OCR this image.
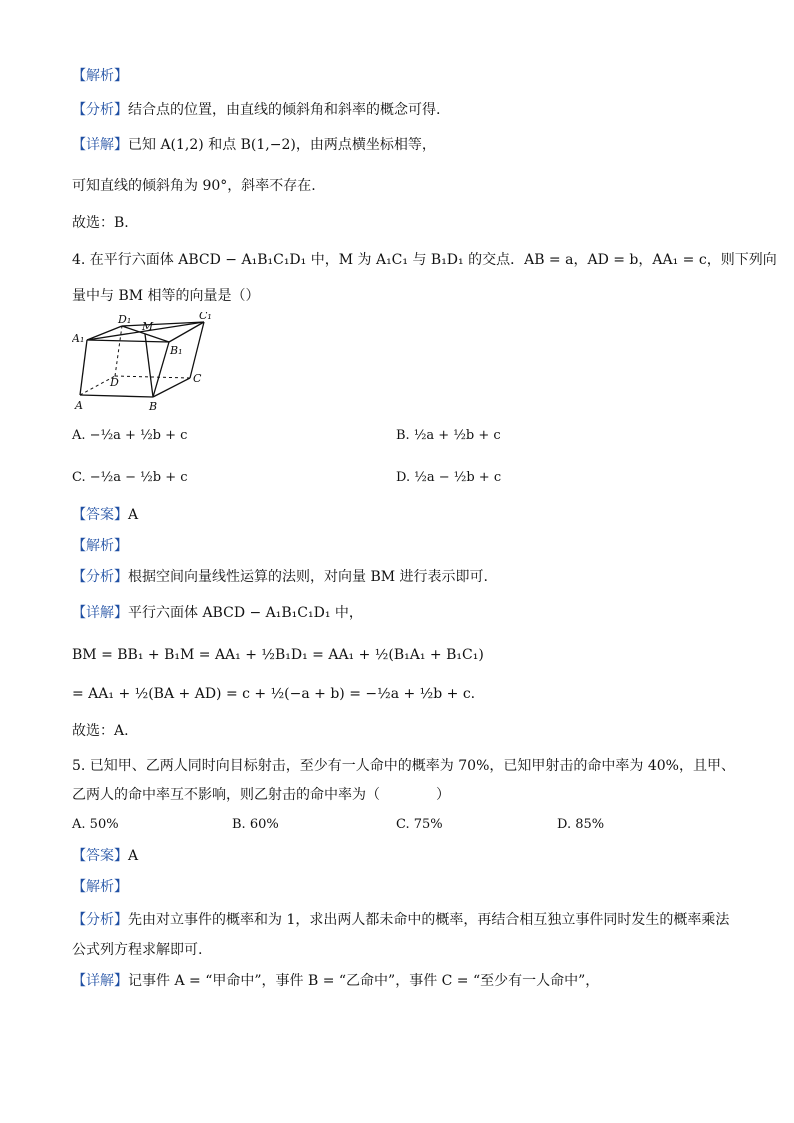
【解析】
【分析】结合点的位置，由直线的倾斜角和斜率的概念可得.
【详解】已知 A(1,2) 和点 B(1,−2)，由两点横坐标相等，
可知直线的倾斜角为 90°，斜率不存在.
故选：B.
4. 在平行六面体 ABCD − A₁B₁C₁D₁ 中，M 为 A₁C₁ 与 B₁D₁ 的交点．AB = a，AD = b，AA₁ = c，则下列向
量中与 BM 相等的向量是（）
D₁	C₁
M
A₁
B₁
D	C
A	B
A. −½a + ½b + c	B. ½a + ½b + c
C. −½a − ½b + c	D. ½a − ½b + c
【答案】A
【解析】
【分析】根据空间向量线性运算的法则，对向量 BM 进行表示即可.
【详解】平行六面体 ABCD − A₁B₁C₁D₁ 中，
BM = BB₁ + B₁M = AA₁ + ½B₁D₁ = AA₁ + ½(B₁A₁ + B₁C₁)
= AA₁ + ½(BA + AD) = c + ½(−a + b) = −½a + ½b + c.
故选：A.
5. 已知甲、乙两人同时向目标射击，至少有一人命中的概率为 70%，已知甲射击的命中率为 40%，且甲、
乙两人的命中率互不影响，则乙射击的命中率为（　　　　）
A. 50%	B. 60%	C. 75%	D. 85%
【答案】A
【解析】
【分析】先由对立事件的概率和为 1，求出两人都未命中的概率，再结合相互独立事件同时发生的概率乘法
公式列方程求解即可.
【详解】记事件 A = “甲命中”，事件 B = “乙命中”，事件 C = “至少有一人命中”，
